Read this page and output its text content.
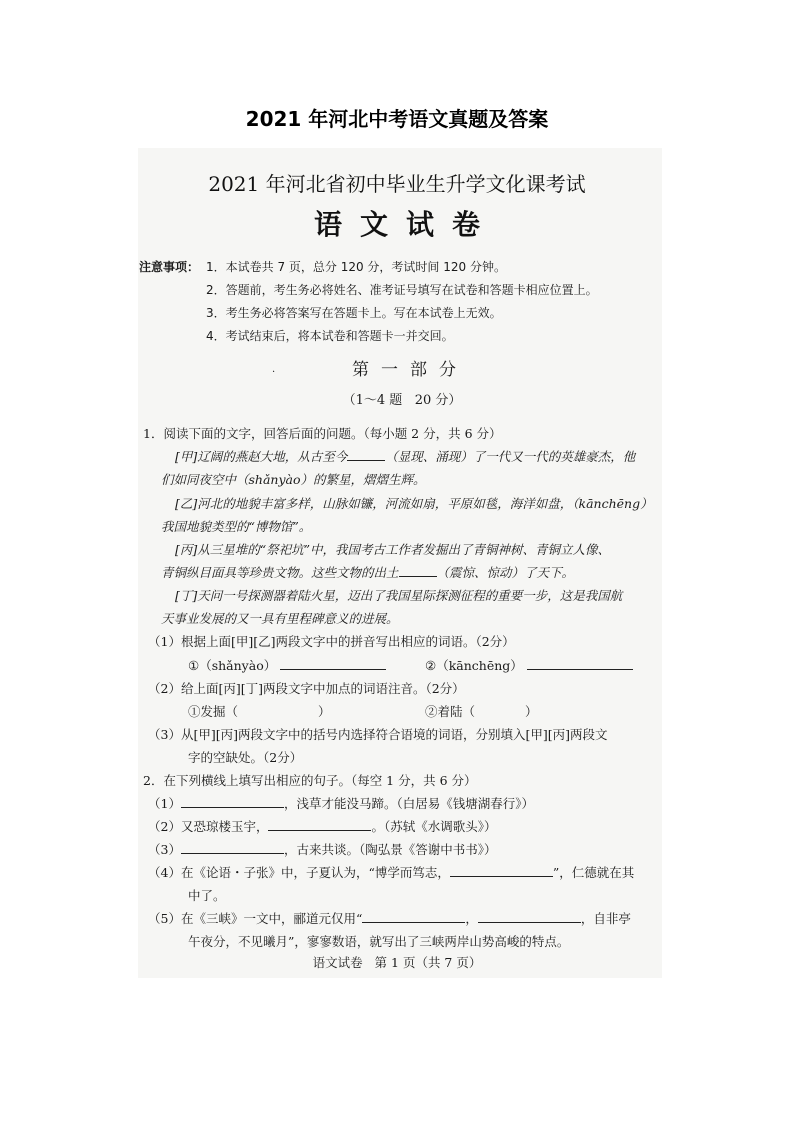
2021 年河北中考语文真题及答案
2021 年河北省初中毕业生升学文化课考试
语文试卷
注意事项： 1．本试卷共 7 页，总分 120 分，考试时间 120 分钟。
2．答题前，考生务必将姓名、准考证号填写在试卷和答题卡相应位置上。
3．考生务必将答案写在答题卡上。写在本试卷上无效。
4．考试结束后，将本试卷和答题卡一并交回。
.	第一部分
（1～4 题   20 分）
1．阅读下面的文字，回答后面的问题。（每小题 2 分，共 6 分）
[甲]辽阔的燕赵大地，从古至今	（显现、涌现）了一代又一代的英雄豪杰，他
们如同夜空中（shǎnyào）的繁星，熠熠生辉。
[乙]河北的地貌丰富多样，山脉如镰，河流如扇，平原如毯，海洋如盘，（kānchēng）
我国地貌类型的“博物馆”。
[丙]从三星堆的“祭祀坑”中，我国考古工作者发掘出了青铜神树、青铜立人像、
青铜纵目面具等珍贵文物。这些文物的出土	（震惊、惊动）了天下。
[丁]天问一号探测器着陆火星，迈出了我国星际探测征程的重要一步，这是我国航
天事业发展的又一具有里程碑意义的进展。
（1）根据上面[甲][乙]两段文字中的拼音写出相应的词语。（2分）
①（shǎnyào）	②（kānchēng）
（2）给上面[丙][丁]两段文字中加点的词语注音。（2分）
①发掘（	）	②着陆（	）
（3）从[甲][丙]两段文字中的括号内选择符合语境的词语，分别填入[甲][丙]两段文
字的空缺处。（2分）
2．在下列横线上填写出相应的句子。（每空 1 分，共 6 分）
（1）	，浅草才能没马蹄。（白居易《钱塘湖春行》）
（2）又恐琼楼玉宇，	。（苏轼《水调歌头》）
（3）	，古来共谈。（陶弘景《答谢中书书》）
（4）在《论语・子张》中，子夏认为，“博学而笃志，	”，仁德就在其
中了。
（5）在《三峡》一文中，郦道元仅用“	，	，自非亭
午夜分，不见曦月”，寥寥数语，就写出了三峡两岸山势高峻的特点。
语文试卷   第 1 页（共 7 页）
